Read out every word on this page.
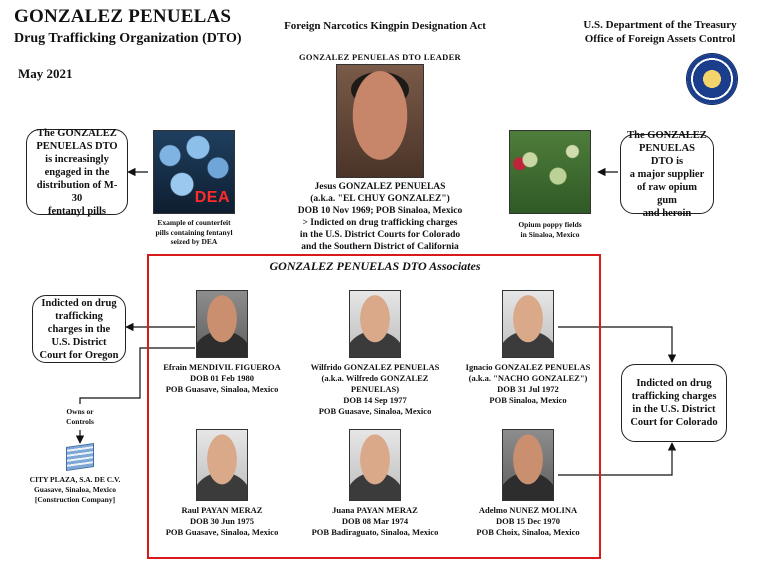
GONZALEZ PENUELAS
Drug Trafficking Organization (DTO)
May 2021
Foreign Narcotics Kingpin Designation Act	U.S. Department of the Treasury
Office of Foreign Assets Control
GONZALEZ PENUELAS DTO LEADER
Jesus GONZALEZ PENUELAS
(a.k.a. "EL CHUY GONZALEZ")
DOB 10 Nov 1969; POB Sinaloa, Mexico
> Indicted on drug trafficking charges
in the U.S. District Courts for Colorado
and the Southern District of California
The GONZALEZ
PENUELAS DTO
is increasingly
engaged in the
distribution of M-30
fentanyl pills
DEA
Example of counterfeit
pills containing fentanyl
seized by DEA
Opium poppy fields
in Sinaloa, Mexico
The GONZALEZ
PENUELAS DTO is
a major supplier
of raw opium gum
and heroin
GONZALEZ PENUELAS DTO Associates
Efrain MENDIVIL FIGUEROA
DOB 01 Feb 1980
POB Guasave, Sinaloa, Mexico
Wilfrido GONZALEZ PENUELAS
(a.k.a. Wilfredo GONZALEZ PENUELAS)
DOB 14 Sep 1977
POB Guasave, Sinaloa, Mexico
Ignacio GONZALEZ PENUELAS
(a.k.a. "NACHO GONZALEZ")
DOB 31 Jul 1972
POB Sinaloa, Mexico
Raul PAYAN MERAZ
DOB 30 Jun 1975
POB Guasave, Sinaloa, Mexico
Juana PAYAN MERAZ
DOB 08 Mar 1974
POB Badiraguato, Sinaloa, Mexico
Adelmo NUNEZ MOLINA
DOB 15 Dec 1970
POB Choix, Sinaloa, Mexico
Indicted on drug
trafficking
charges in the
U.S. District
Court for Oregon
Indicted on drug
trafficking charges
in the U.S. District
Court for Colorado
Owns or
Controls
CITY PLAZA, S.A. DE C.V.
Guasave, Sinaloa, Mexico
[Construction Company]
